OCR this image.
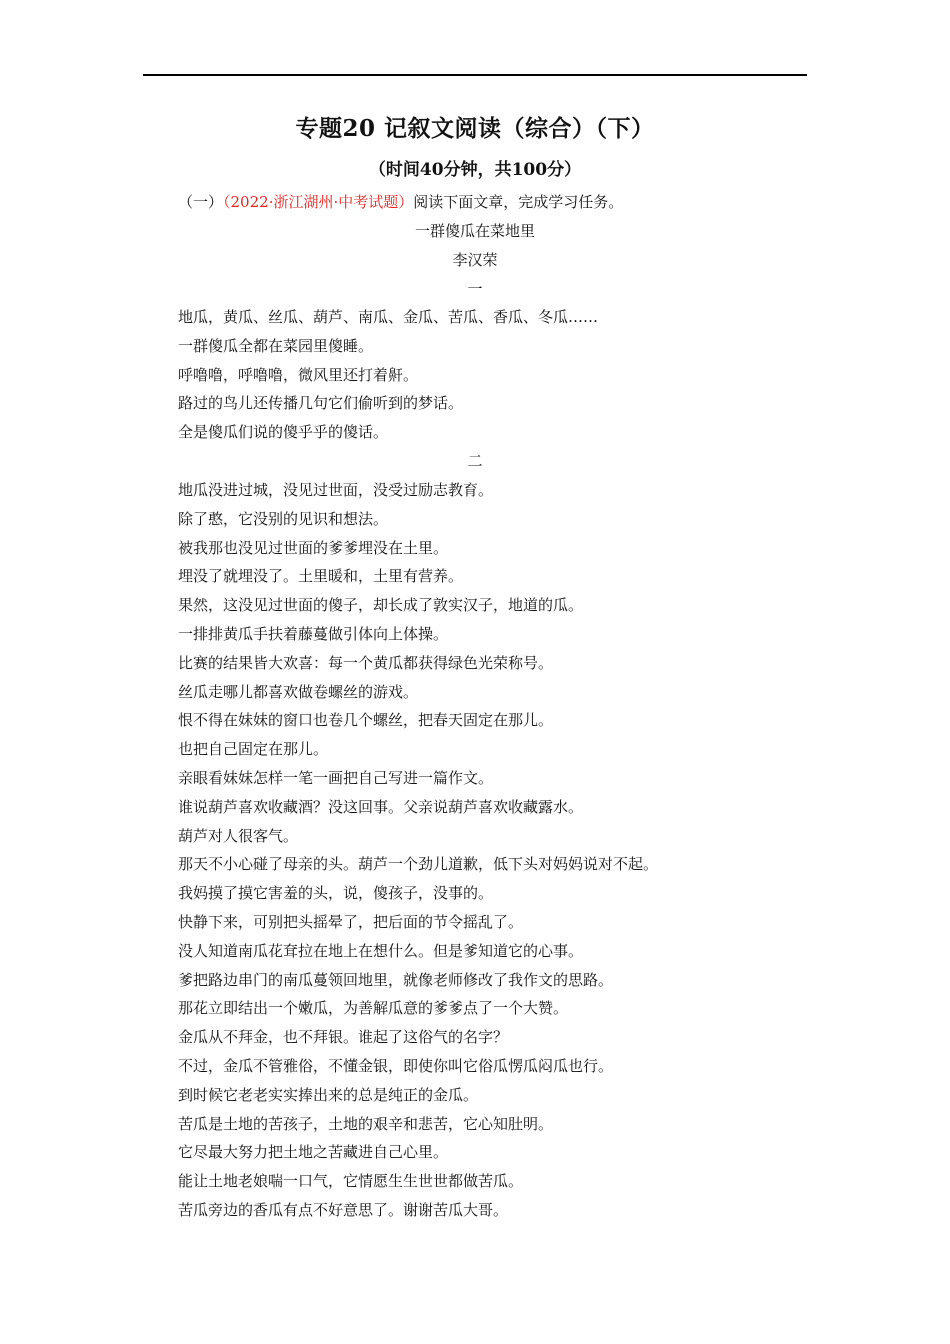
专题20 记叙文阅读（综合）（下）
（时间40分钟，共100分）
（一）（2022·浙江湖州·中考试题）阅读下面文章，完成学习任务。
一群傻瓜在菜地里
李汉荣
一

地瓜，黄瓜、丝瓜、葫芦、南瓜、金瓜、苦瓜、香瓜、冬瓜……

一群傻瓜全都在菜园里傻睡。

呼噜噜，呼噜噜，微风里还打着鼾。

路过的鸟儿还传播几句它们偷听到的梦话。

全是傻瓜们说的傻乎乎的傻话。

二

地瓜没进过城，没见过世面，没受过励志教育。

除了憨，它没别的见识和想法。

被我那也没见过世面的爹爹埋没在土里。

埋没了就埋没了。土里暖和，土里有营养。

果然，这没见过世面的傻子，却长成了敦实汉子，地道的瓜。

一排排黄瓜手扶着藤蔓做引体向上体操。

比赛的结果皆大欢喜：每一个黄瓜都获得绿色光荣称号。

丝瓜走哪儿都喜欢做卷螺丝的游戏。

恨不得在妹妹的窗口也卷几个螺丝，把春天固定在那儿。

也把自己固定在那儿。

亲眼看妹妹怎样一笔一画把自己写进一篇作文。

谁说葫芦喜欢收藏酒？没这回事。父亲说葫芦喜欢收藏露水。

葫芦对人很客气。

那天不小心碰了母亲的头。葫芦一个劲儿道歉，低下头对妈妈说对不起。

我妈摸了摸它害羞的头，说，傻孩子，没事的。

快静下来，可别把头摇晕了，把后面的节令摇乱了。

没人知道南瓜花耷拉在地上在想什么。但是爹知道它的心事。

爹把路边串门的南瓜蔓领回地里，就像老师修改了我作文的思路。

那花立即结出一个嫩瓜，为善解瓜意的爹爹点了一个大赞。

金瓜从不拜金，也不拜银。谁起了这俗气的名字？

不过，金瓜不管雅俗，不懂金银，即使你叫它俗瓜愣瓜闷瓜也行。

到时候它老老实实捧出来的总是纯正的金瓜。

苦瓜是土地的苦孩子，土地的艰辛和悲苦，它心知肚明。

它尽最大努力把土地之苦藏进自己心里。

能让土地老娘喘一口气，它情愿生生世世都做苦瓜。

苦瓜旁边的香瓜有点不好意思了。谢谢苦瓜大哥。
